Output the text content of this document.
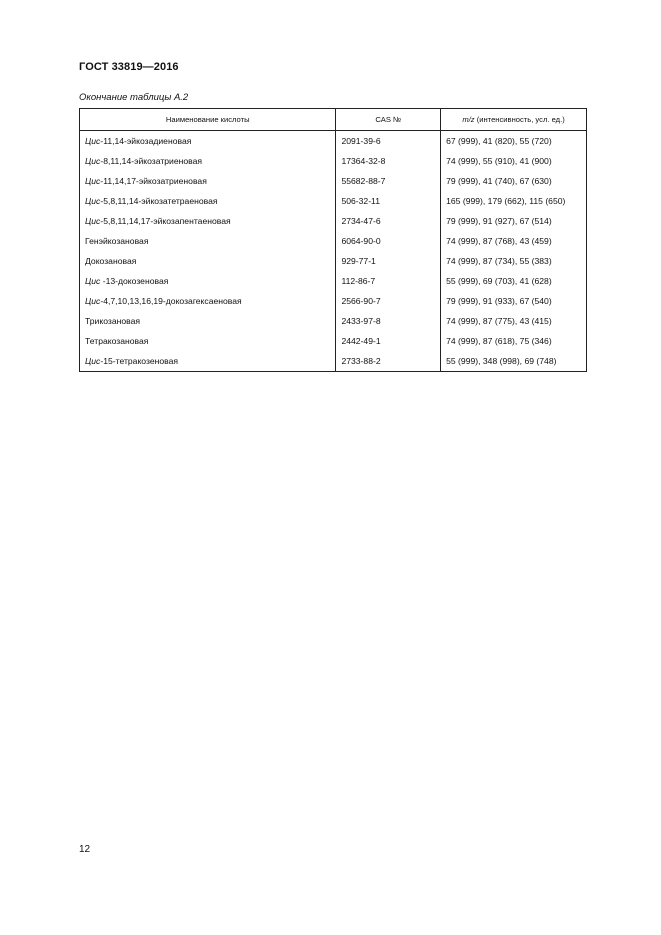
ГОСТ 33819—2016
Окончание таблицы А.2
Наименование кислоты	CAS №	m/z (интенсивность, усл. ед.)
Цис-11,14-эйкозадиеновая	2091-39-6	67 (999), 41 (820), 55 (720)
Цис-8,11,14-эйкозатриеновая	17364-32-8	74 (999), 55 (910), 41 (900)
Цис-11,14,17-эйкозатриеновая	55682-88-7	79 (999), 41 (740), 67 (630)
Цис-5,8,11,14-эйкозатетраеновая	506-32-11	165 (999), 179 (662), 115 (650)
Цис-5,8,11,14,17-эйкозапентаеновая	2734-47-6	79 (999), 91 (927), 67 (514)
Генэйкозановая	6064-90-0	74 (999), 87 (768), 43 (459)
Докозановая	929-77-1	74 (999), 87 (734), 55 (383)
Цис -13-докозеновая	112-86-7	55 (999), 69 (703), 41 (628)
Цис-4,7,10,13,16,19-докозагексаеновая	2566-90-7	79 (999), 91 (933), 67 (540)
Трикозановая	2433-97-8	74 (999), 87 (775), 43 (415)
Тетракозановая	2442-49-1	74 (999), 87 (618), 75 (346)
Цис-15-тетракозеновая	2733-88-2	55 (999), 348 (998), 69 (748)
12
